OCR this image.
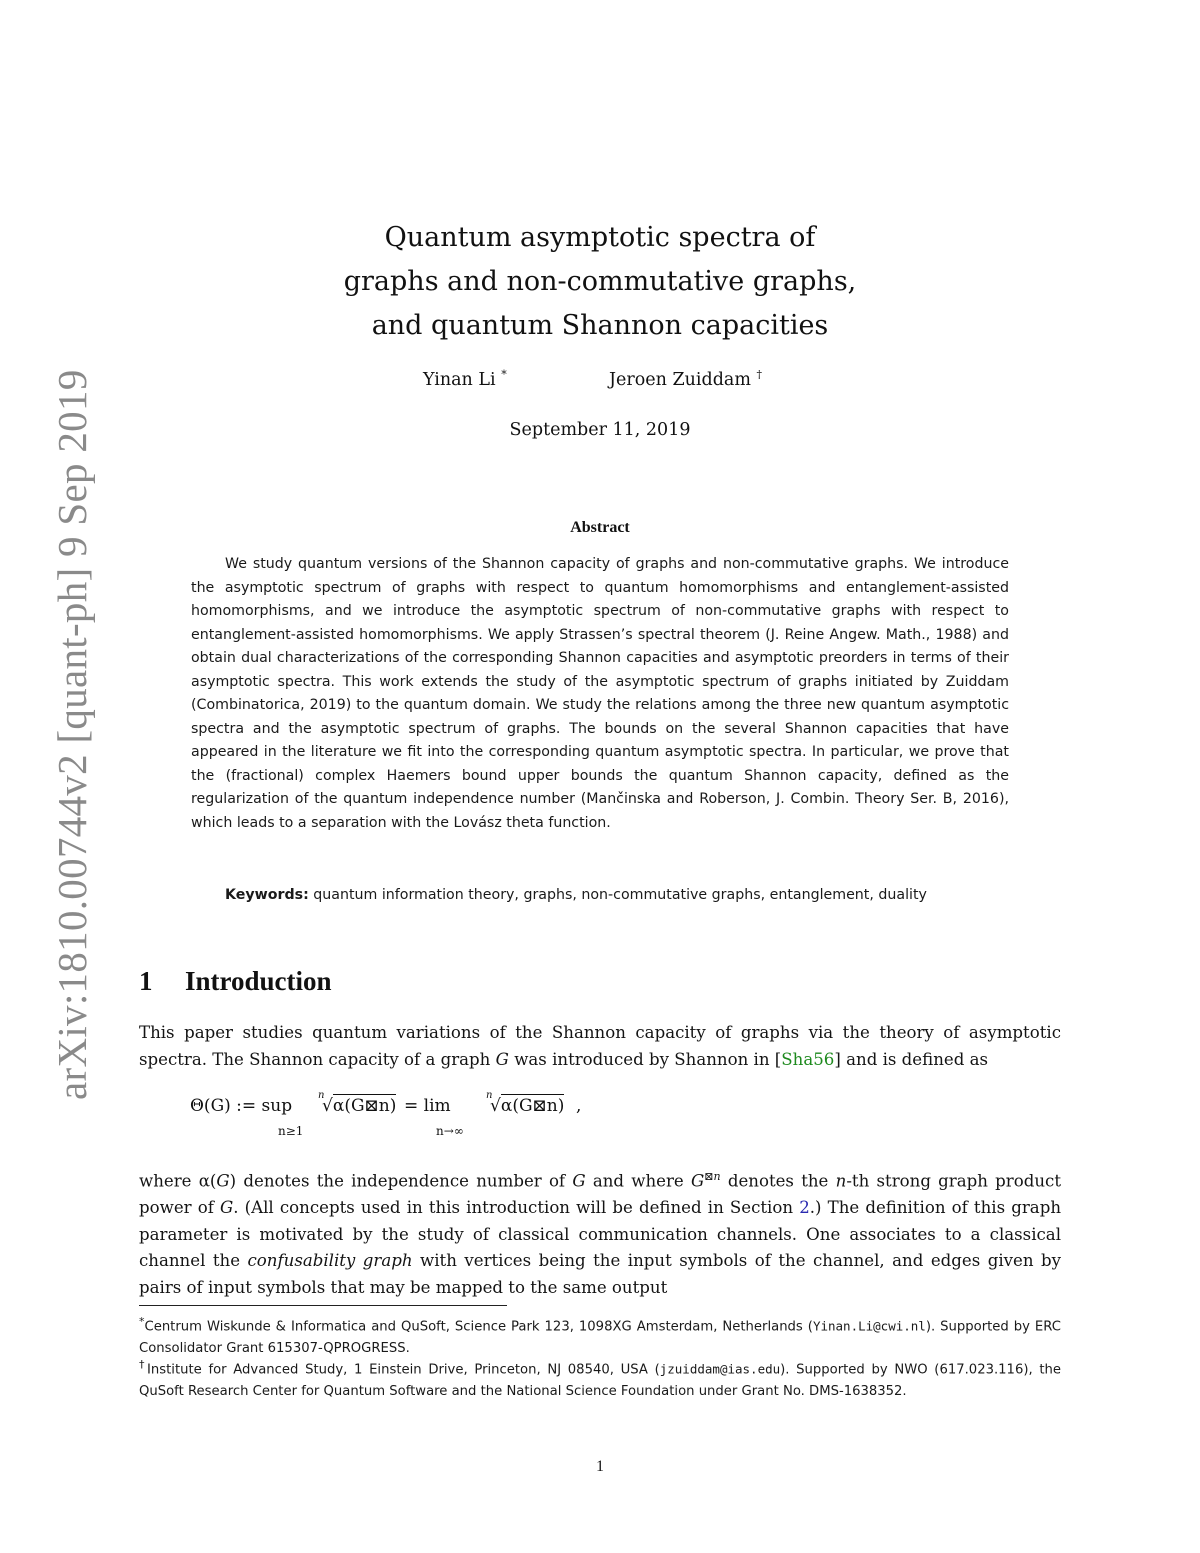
arXiv:1810.00744v2 [quant-ph] 9 Sep 2019
Quantum asymptotic spectra of
graphs and non-commutative graphs,
and quantum Shannon capacities
Yinan Li *	Jeroen Zuiddam †
September 11, 2019
Abstract
We study quantum versions of the Shannon capacity of graphs and non-commutative graphs. We introduce the asymptotic spectrum of graphs with respect to quantum homomorphisms and entanglement-assisted homomorphisms, and we introduce the asymptotic spectrum of non-commutative graphs with respect to entanglement-assisted homomorphisms. We apply Strassen’s spectral theorem (J. Reine Angew. Math., 1988) and obtain dual characterizations of the corresponding Shannon capacities and asymptotic preorders in terms of their asymptotic spectra. This work extends the study of the asymptotic spectrum of graphs initiated by Zuiddam (Combinatorica, 2019) to the quantum domain. We study the relations among the three new quantum asymptotic spectra and the asymptotic spectrum of graphs. The bounds on the several Shannon capacities that have appeared in the literature we fit into the corresponding quantum asymptotic spectra. In particular, we prove that the (fractional) complex Haemers bound upper bounds the quantum Shannon capacity, defined as the regularization of the quantum independence number (Mančinska and Roberson, J. Combin. Theory Ser. B, 2016), which leads to a separation with the Lovász theta function.
Keywords: quantum information theory, graphs, non-commutative graphs, entanglement, duality
1 Introduction
This paper studies quantum variations of the Shannon capacity of graphs via the theory of asymptotic spectra. The Shannon capacity of a graph G was introduced by Shannon in [Sha56] and is defined as
Θ(G) := sup
n≥1
n
√α(G⊠n) = lim
n→∞
n
√α(G⊠n) ,
where α(G) denotes the independence number of G and where $G^{⊠n}$ denotes the n-th strong graph product power of G. (All concepts used in this introduction will be defined in Section 2.) The definition of this graph parameter is motivated by the study of classical communication channels. One associates to a classical channel the confusability graph with vertices being the input symbols of the channel, and edges given by pairs of input symbols that may be mapped to the same output
*Centrum Wiskunde & Informatica and QuSoft, Science Park 123, 1098XG Amsterdam, Netherlands (Yinan.Li@cwi.nl). Supported by ERC Consolidator Grant 615307-QPROGRESS.
†Institute for Advanced Study, 1 Einstein Drive, Princeton, NJ 08540, USA (jzuiddam@ias.edu). Supported by NWO (617.023.116), the QuSoft Research Center for Quantum Software and the National Science Foundation under Grant No. DMS-1638352.
1
